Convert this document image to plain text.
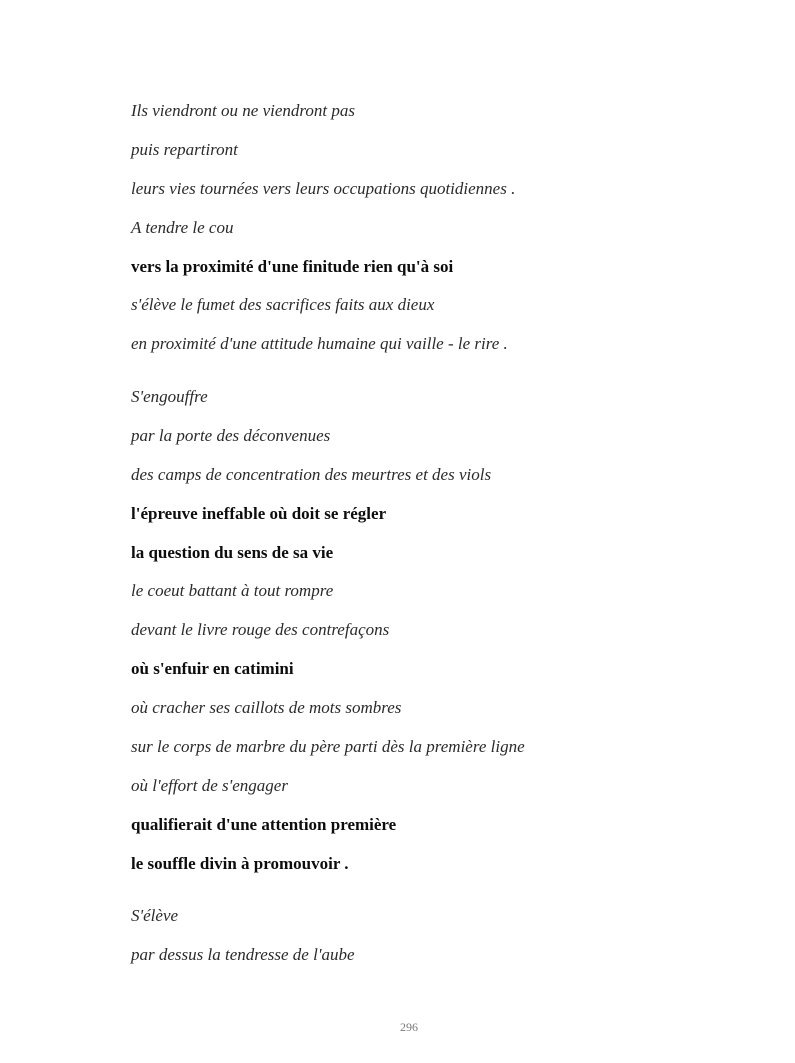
Ils viendront ou ne viendront pas
puis repartiront
leurs vies tournées vers leurs occupations quotidiennes .
A tendre le cou
vers la proximité d'une finitude rien qu'à soi
s'élève le fumet des sacrifices faits aux dieux
en proximité d'une attitude humaine qui vaille - le rire .
S'engouffre
par la porte des déconvenues
des camps de concentration des meurtres et des viols
l'épreuve ineffable où doit se régler
la question du sens de sa vie
le coeut battant à tout rompre
devant le livre rouge des contrefaçons
où s'enfuir en catimini
où cracher ses caillots de mots sombres
sur le corps de marbre du père parti dès la première ligne
où l'effort de s'engager
qualifierait d'une attention première
le souffle divin à promouvoir .
S'élève
par dessus la tendresse de l'aube
296
